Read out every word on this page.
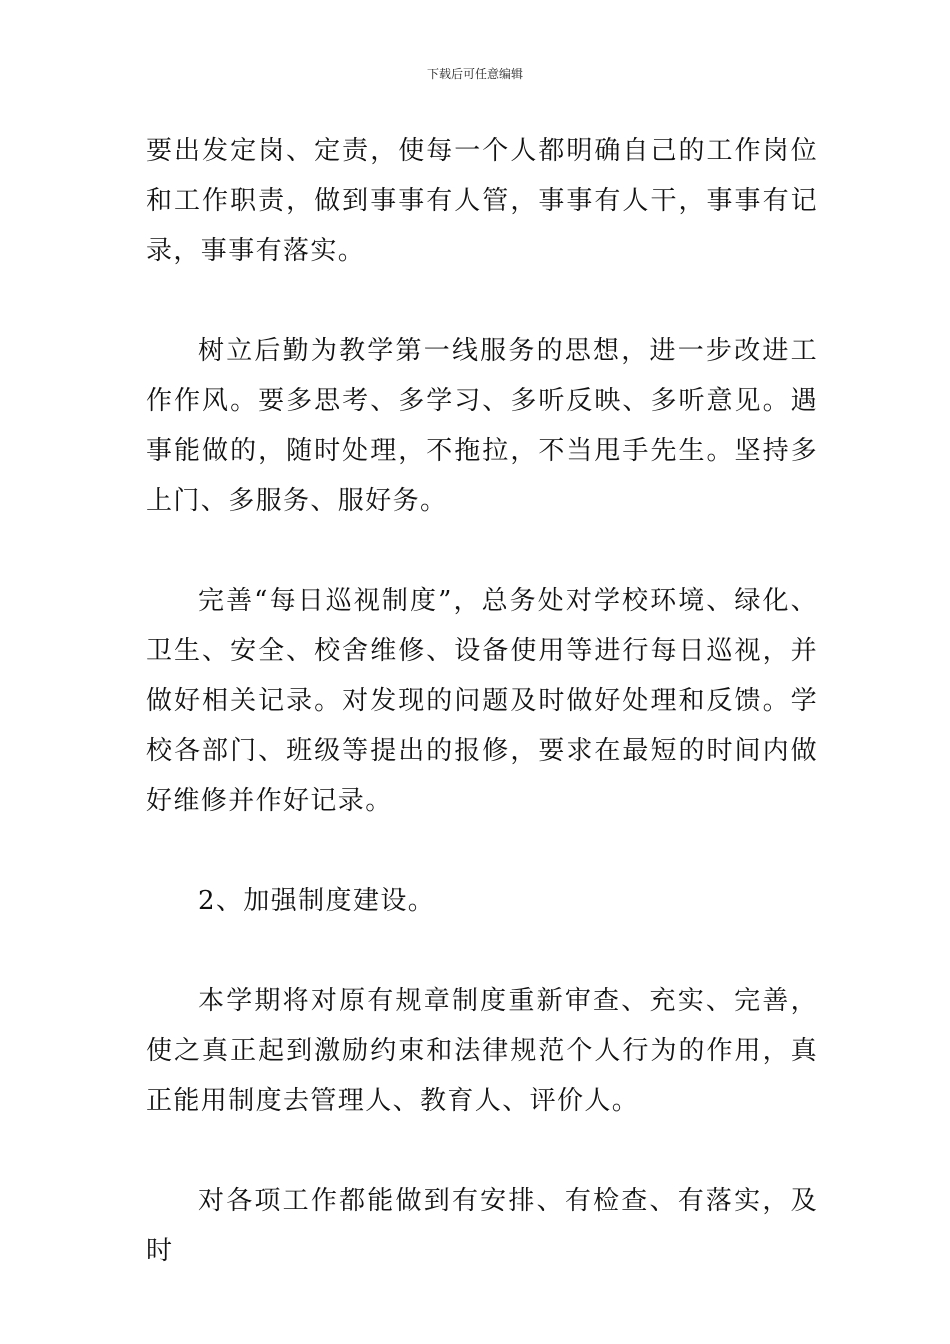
下载后可任意编辑

要出发定岗、定责，使每一个人都明确自己的工作岗位和工作职责，做到事事有人管，事事有人干，事事有记录，事事有落实。

树立后勤为教学第一线服务的思想，进一步改进工作作风。要多思考、多学习、多听反映、多听意见。遇事能做的，随时处理，不拖拉，不当甩手先生。坚持多上门、多服务、服好务。

完善“每日巡视制度”，总务处对学校环境、绿化、卫生、安全、校舍维修、设备使用等进行每日巡视，并做好相关记录。对发现的问题及时做好处理和反馈。学校各部门、班级等提出的报修，要求在最短的时间内做好维修并作好记录。

2、加强制度建设。

本学期将对原有规章制度重新审查、充实、完善，使之真正起到激励约束和法律规范个人行为的作用，真正能用制度去管理人、教育人、评价人。

对各项工作都能做到有安排、有检查、有落实，及时
